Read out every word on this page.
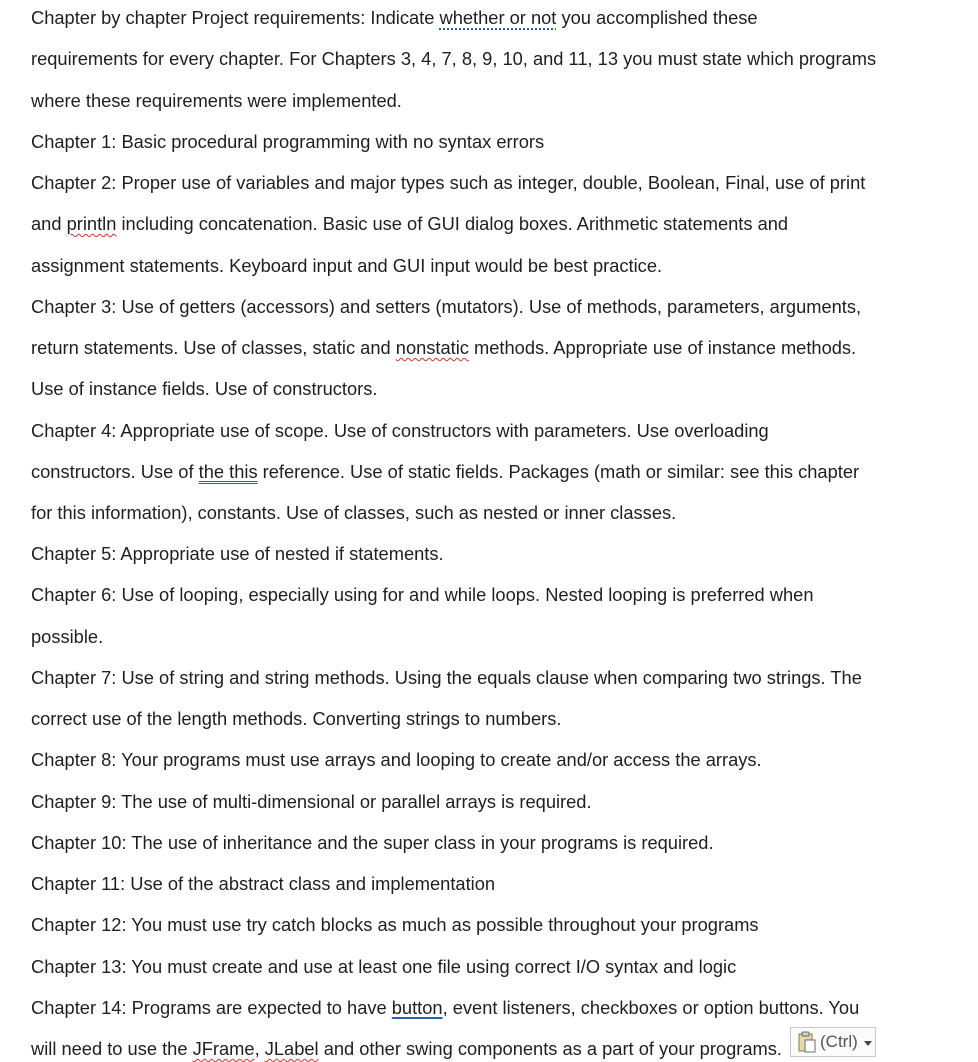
Chapter by chapter Project requirements: Indicate whether or not you accomplished these
requirements for every chapter. For Chapters 3, 4, 7, 8, 9, 10, and 11, 13 you must state which programs
where these requirements were implemented.
Chapter 1: Basic procedural programming with no syntax errors
Chapter 2: Proper use of variables and major types such as integer, double, Boolean, Final, use of print
and println including concatenation. Basic use of GUI dialog boxes. Arithmetic statements and
assignment statements. Keyboard input and GUI input would be best practice.
Chapter 3: Use of getters (accessors) and setters (mutators). Use of methods, parameters, arguments,
return statements. Use of classes, static and nonstatic methods. Appropriate use of instance methods.
Use of instance fields. Use of constructors.
Chapter 4: Appropriate use of scope. Use of constructors with parameters. Use overloading
constructors. Use of the this reference. Use of static fields. Packages (math or similar: see this chapter
for this information), constants. Use of classes, such as nested or inner classes.
Chapter 5: Appropriate use of nested if statements.
Chapter 6: Use of looping, especially using for and while loops. Nested looping is preferred when
possible.
Chapter 7: Use of string and string methods. Using the equals clause when comparing two strings. The
correct use of the length methods. Converting strings to numbers.
Chapter 8: Your programs must use arrays and looping to create and/or access the arrays.
Chapter 9: The use of multi-dimensional or parallel arrays is required.
Chapter 10: The use of inheritance and the super class in your programs is required.
Chapter 11: Use of the abstract class and implementation
Chapter 12: You must use try catch blocks as much as possible throughout your programs
Chapter 13: You must create and use at least one file using correct I/O syntax and logic
Chapter 14: Programs are expected to have button, event listeners, checkboxes or option buttons. You
will need to use the JFrame, JLabel and other swing components as a part of your programs. (Ctrl)
